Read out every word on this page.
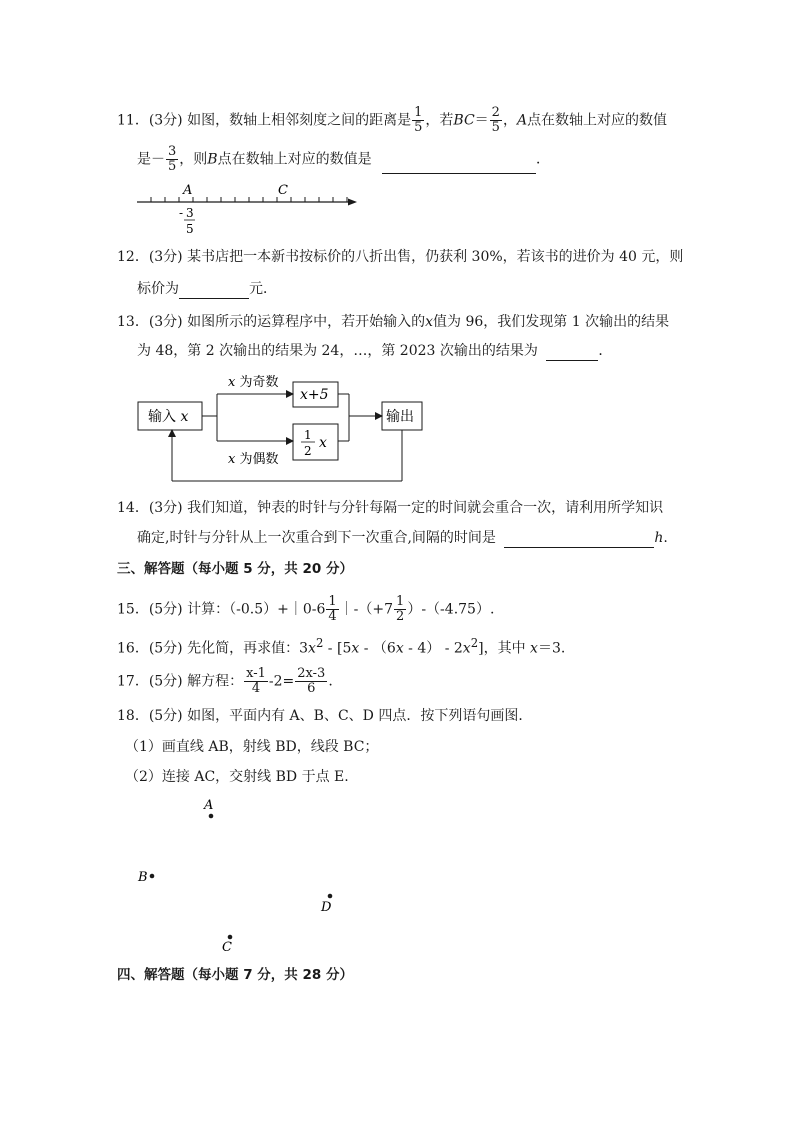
11．(3分) 如图，数轴上相邻刻度之间的距离是 $\frac{1}{5}$ ，若$BC= \frac{2}{5}$ ，A点在数轴上对应的数值
是－ $\frac{3}{5}$ ，则B点在数轴上对应的数值是	．
A	C
- 3
5
12．(3分) 某书店把一本新书按标价的八折出售，仍获利 30%，若该书的进价为 40 元，则
标价为	元．
13．(3分) 如图所示的运算程序中，若开始输入的x值为 96，我们发现第 1 次输出的结果
为 48，第 2 次输出的结果为 24，…，第 2023 次输出的结果为	．
输入 x
x 为奇数
x+5
1
2 x
x 为偶数
输出
14．(3分) 我们知道，钟表的时针与分针每隔一定的时间就会重合一次，请利用所学知识
确定,时针与分针从上一次重合到下一次重合,间隔的时间是	h.
三、解答题（每小题 5 分，共 20 分）
15．(5分) 计算：（-0.5）+｜0-6 $\frac{1}{4}$ ｜-（+7 $\frac{1}{2} )-(-4.75)$.
16．(5分) 先化简，再求值：$3x^2 - [5x - (6x - 4) - 2x^2]$，其中 x＝3.
17．(5分) 解方程： $\frac{x-1}{4} -2= \frac{2x-3}{6}$ .
18．(5分) 如图，平面内有 A、B、C、D 四点．按下列语句画图．
（1）画直线 AB，射线 BD，线段 BC；
（2）连接 AC，交射线 BD 于点 E.
A
B
D
C
四、解答题（每小题 7 分，共 28 分）
